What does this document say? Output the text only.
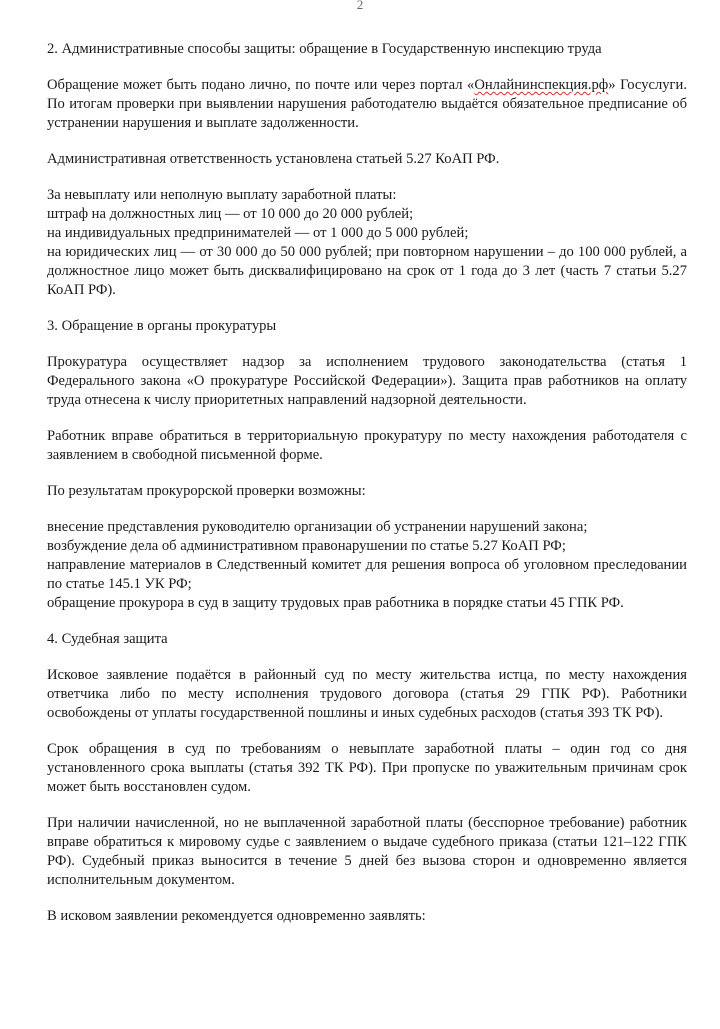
2

2. Административные способы защиты: обращение в Государственную инспекцию труда

Обращение может быть подано лично, по почте или через портал «Онлайнинспекция.рф» Госуслуги. По итогам проверки при выявлении нарушения работодателю выдаётся обязательное предписание об устранении нарушения и выплате задолженности.

Административная ответственность установлена статьей 5.27 КоАП РФ.

За невыплату или неполную выплату заработной платы:
штраф на должностных лиц — от 10 000 до 20 000 рублей;
на индивидуальных предпринимателей — от 1 000 до 5 000 рублей;
на юридических лиц — от 30 000 до 50 000 рублей; при повторном нарушении – до 100 000 рублей, а должностное лицо может быть дисквалифицировано на срок от 1 года до 3 лет (часть 7 статьи 5.27 КоАП РФ).

3. Обращение в органы прокуратуры

Прокуратура осуществляет надзор за исполнением трудового законодательства (статья 1 Федерального закона «О прокуратуре Российской Федерации»). Защита прав работников на оплату труда отнесена к числу приоритетных направлений надзорной деятельности.

Работник вправе обратиться в территориальную прокуратуру по месту нахождения работодателя с заявлением в свободной письменной форме.

По результатам прокурорской проверки возможны:

внесение представления руководителю организации об устранении нарушений закона;
возбуждение дела об административном правонарушении по статье 5.27 КоАП РФ;
направление материалов в Следственный комитет для решения вопроса об уголовном преследовании по статье 145.1 УК РФ;
обращение прокурора в суд в защиту трудовых прав работника в порядке статьи 45 ГПК РФ.

4. Судебная защита

Исковое заявление подаётся в районный суд по месту жительства истца, по месту нахождения ответчика либо по месту исполнения трудового договора (статья 29 ГПК РФ). Работники освобождены от уплаты государственной пошлины и иных судебных расходов (статья 393 ТК РФ).

Срок обращения в суд по требованиям о невыплате заработной платы – один год со дня установленного срока выплаты (статья 392 ТК РФ). При пропуске по уважительным причинам срок может быть восстановлен судом.

При наличии начисленной, но не выплаченной заработной платы (бесспорное требование) работник вправе обратиться к мировому судье с заявлением о выдаче судебного приказа (статьи 121–122 ГПК РФ). Судебный приказ выносится в течение 5 дней без вызова сторон и одновременно является исполнительным документом.

В исковом заявлении рекомендуется одновременно заявлять:
